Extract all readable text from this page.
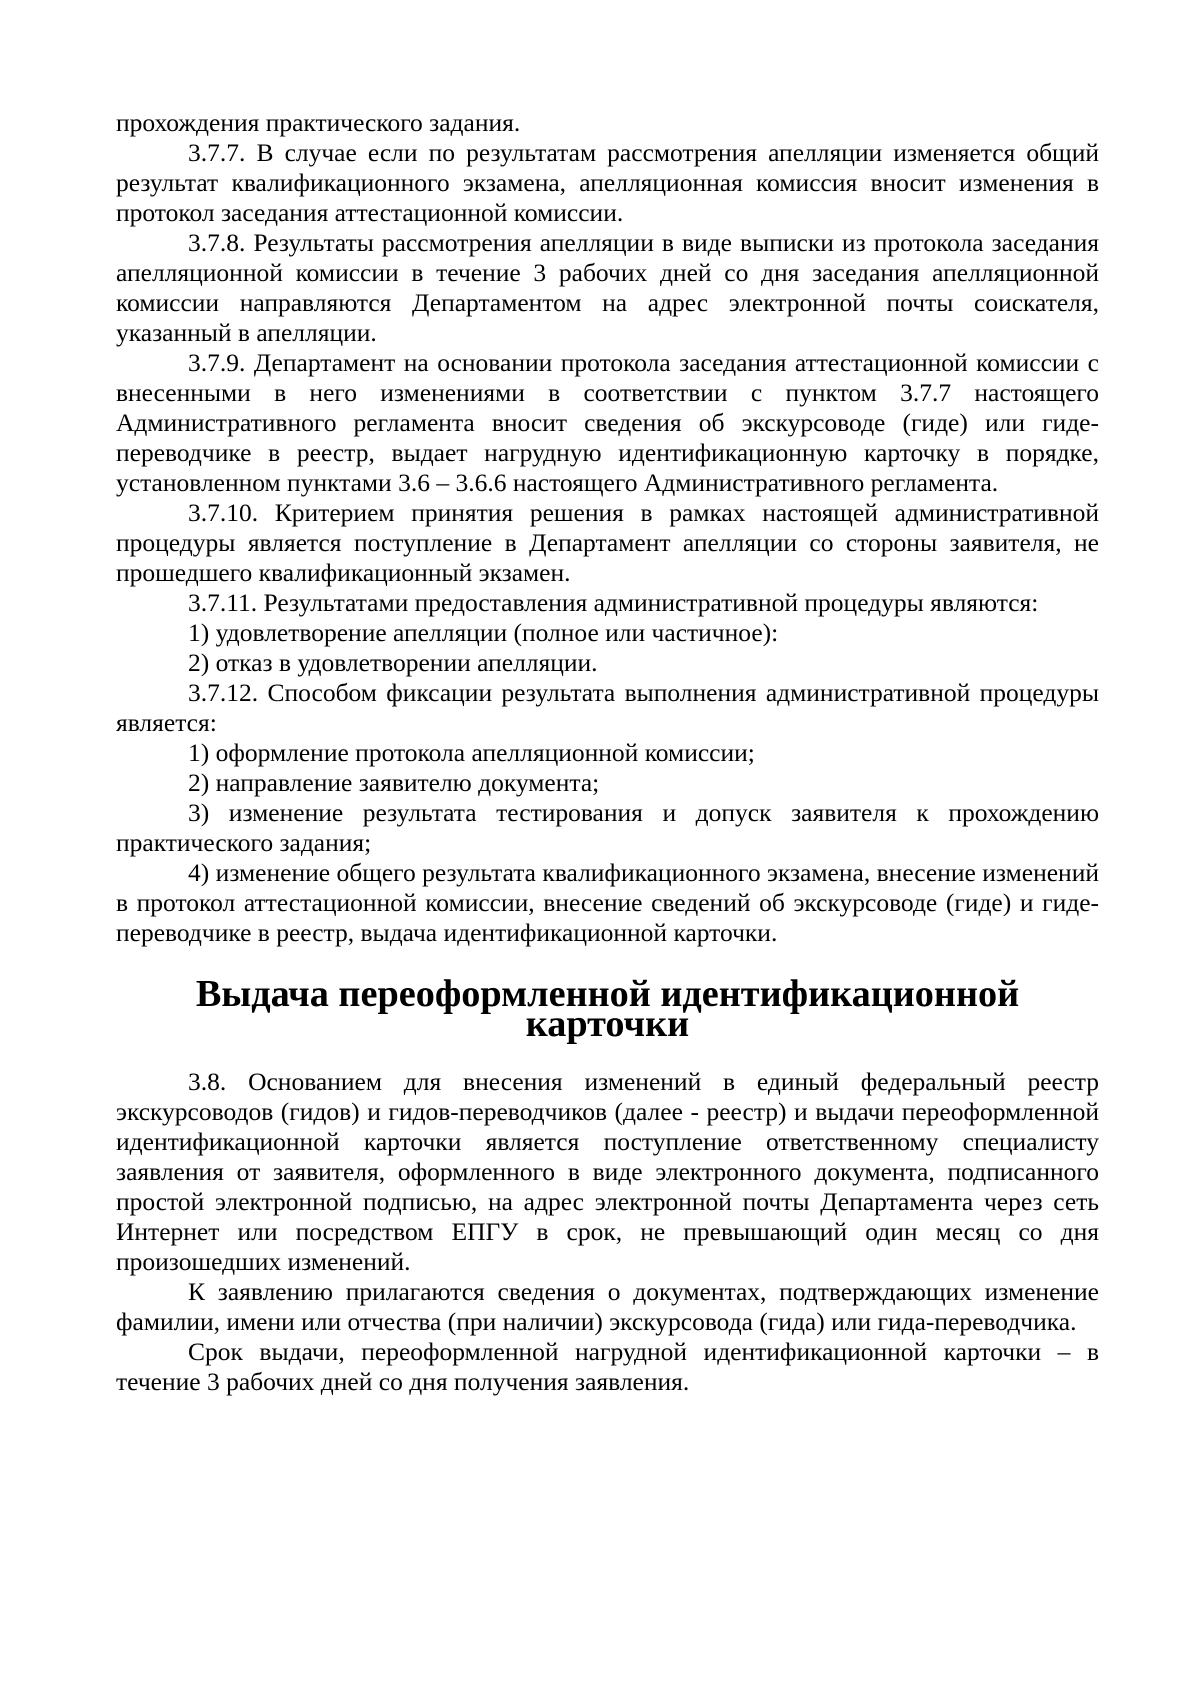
прохождения практического задания.

3.7.7. В случае если по результатам рассмотрения апелляции изменяется общий результат квалификационного экзамена, апелляционная комиссия вносит изменения в протокол заседания аттестационной комиссии.

3.7.8. Результаты рассмотрения апелляции в виде выписки из протокола заседания апелляционной комиссии в течение 3 рабочих дней со дня заседания апелляционной комиссии направляются Департаментом на адрес электронной почты соискателя, указанный в апелляции.

3.7.9. Департамент на основании протокола заседания аттестационной комиссии с внесенными в него изменениями в соответствии с пунктом 3.7.7 настоящего Административного регламента вносит сведения об экскурсоводе (гиде) или гиде-переводчике в реестр, выдает нагрудную идентификационную карточку в порядке, установленном пунктами 3.6 – 3.6.6 настоящего Административного регламента.

3.7.10. Критерием принятия решения в рамках настоящей административной процедуры является поступление в Департамент апелляции со стороны заявителя, не прошедшего квалификационный экзамен.

3.7.11. Результатами предоставления административной процедуры являются:

1) удовлетворение апелляции (полное или частичное):

2) отказ в удовлетворении апелляции.

3.7.12. Способом фиксации результата выполнения административной процедуры является:

1) оформление протокола апелляционной комиссии;

2) направление заявителю документа;

3) изменение результата тестирования и допуск заявителя к прохождению практического задания;

4) изменение общего результата квалификационного экзамена, внесение изменений в протокол аттестационной комиссии, внесение сведений об экскурсоводе (гиде) и гиде-переводчике в реестр, выдача идентификационной карточки.

Выдача переоформленной идентификационной карточки

3.8. Основанием для внесения изменений в единый федеральный реестр экскурсоводов (гидов) и гидов-переводчиков (далее - реестр) и выдачи переоформленной идентификационной карточки является поступление ответственному специалисту заявления от заявителя, оформленного в виде электронного документа, подписанного простой электронной подписью, на адрес электронной почты Департамента через сеть Интернет или посредством ЕПГУ в срок, не превышающий один месяц со дня произошедших изменений.

К заявлению прилагаются сведения о документах, подтверждающих изменение фамилии, имени или отчества (при наличии) экскурсовода (гида) или гида-переводчика.

Срок выдачи, переоформленной нагрудной идентификационной карточки – в течение 3 рабочих дней со дня получения заявления.
